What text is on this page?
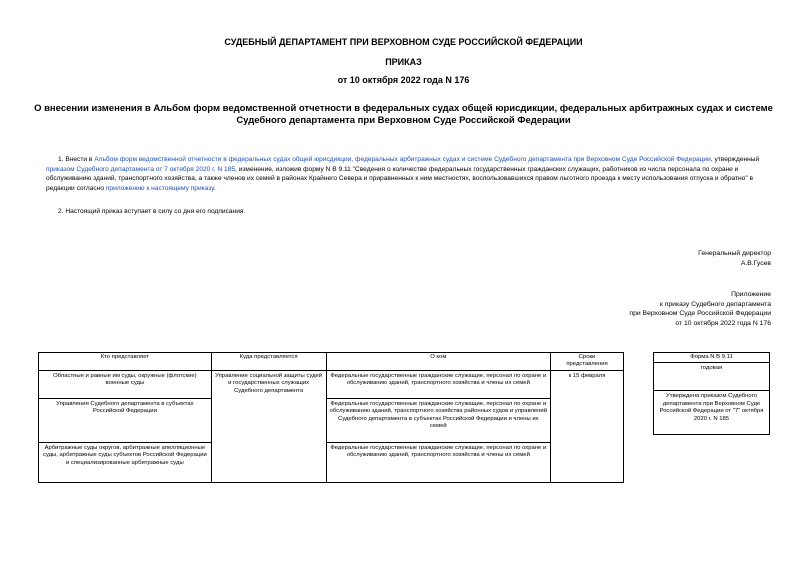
СУДЕБНЫЙ ДЕПАРТАМЕНТ ПРИ ВЕРХОВНОМ СУДЕ РОССИЙСКОЙ ФЕДЕРАЦИИ
ПРИКАЗ
от 10 октября 2022 года N 176
О внесении изменения в Альбом форм ведомственной отчетности в федеральных судах общей юрисдикции, федеральных арбитражных судах и системе
Судебного департамента при Верховном Суде Российской Федерации
1. Внести в Альбом форм ведомственной отчетности в федеральных судах общей юрисдикции, федеральных арбитражных судах и системе Судебного департамента при Верховном Суде Российской Федерации, утвержденный приказом Судебного департамента от 7 октября 2020 г. N 185, изменение, изложив форму N В 9.11 "Сведения о количестве федеральных государственных гражданских служащих, работников из числа персонала по охране и обслуживанию зданий, транспортного хозяйства, а также членов их семей в районах Крайнего Севера и приравненных к ним местностях, воспользовавшихся правом льготного проезда к месту использования отпуска и обратно" в редакции согласно приложению к настоящему приказу.
2. Настоящий приказ вступает в силу со дня его подписания.
Генеральный директор
А.В.Гусев
Приложение
к приказу Судебного департамента
при Верховном Суде Российской Федерации
от 10 октября 2022 года N 176
Кто представляет	Куда представляется	О ком	Сроки
представления

Областные и равные им суды, окружные (флотские) военные суды	Управление социальной защиты судей и государственных служащих Судебного департамента	Федеральные государственные гражданские служащие, персонал по охране и обслуживанию зданий, транспортного хозяйства и члены их семей	к 15 февраля
Управления Судебного департамента в субъектах Российской Федерации		Федеральные государственные гражданские служащие, персонал по охране и обслуживанию зданий, транспортного хозяйства районных судов и управлений Судебного департамента в субъектах Российской Федерации и члены их семей	
Арбитражные суды округов, арбитражные апелляционные суды, арбитражные суды субъектов Российской Федерации и специализированные арбитражные суды		Федеральные государственные гражданские служащие, персонал по охране и обслуживанию зданий, транспортного хозяйства и члены их семей	
Форма N В 9.11
годовая
Утверждена приказом Судебного департамента при Верховном Суде Российской Федерации от "7" октября 2020 г. N 185
